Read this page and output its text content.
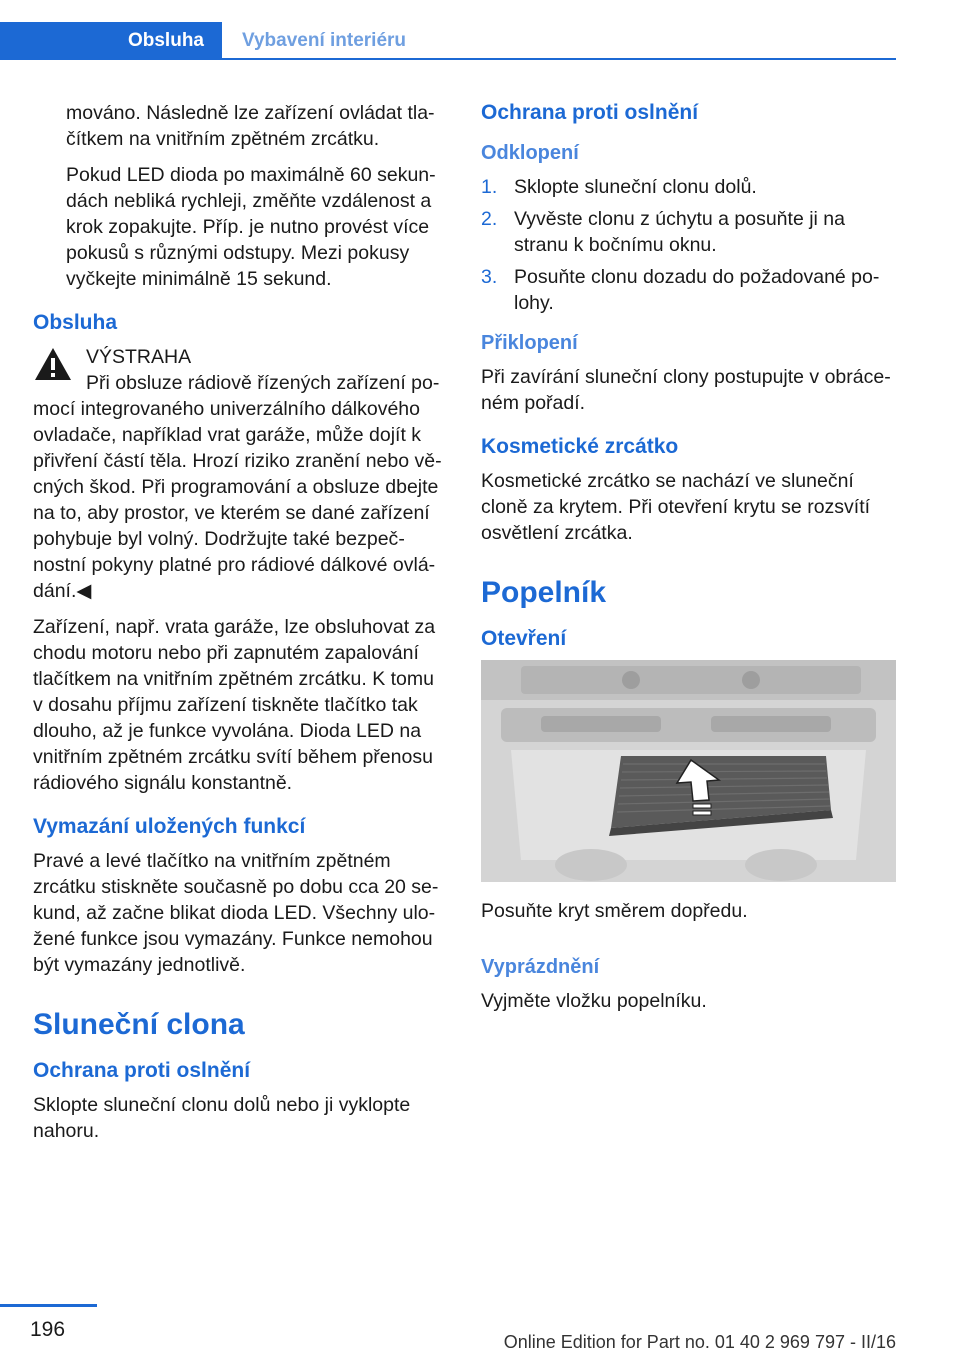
Obsluha	Vybavení interiéru

mováno. Následně lze zařízení ovládat tlačítkem na vnitřním zpětném zrcátku.

Pokud LED dioda po maximálně 60 sekundách nebliká rychleji, změňte vzdálenost a krok zopakujte. Příp. je nutno provést více pokusů s různými odstupy. Mezi pokusy vyčkejte minimálně 15 sekund.

Obsluha

VÝSTRAHA

Při obsluze rádiově řízených zařízení pomocí integrovaného univerzálního dálkového ovladače, například vrat garáže, může dojít k přivření částí těla. Hrozí riziko zranění nebo věcných škod. Při programování a obsluze dbejte na to, aby prostor, ve kterém se dané zařízení pohybuje byl volný. Dodržujte také bezpečnostní pokyny platné pro rádiové dálkové ovládání.◀

Zařízení, např. vrata garáže, lze obsluhovat za chodu motoru nebo při zapnutém zapalování tlačítkem na vnitřním zpětném zrcátku. K tomu v dosahu příjmu zařízení tiskněte tlačítko tak dlouho, až je funkce vyvolána. Dioda LED na vnitřním zpětném zrcátku svítí během přenosu rádiového signálu konstantně.

Vymazání uložených funkcí

Pravé a levé tlačítko na vnitřním zpětném zrcátku stiskněte současně po dobu cca 20 sekund, až začne blikat dioda LED. Všechny uložené funkce jsou vymazány. Funkce nemohou být vymazány jednotlivě.

Sluneční clona
Ochrana proti oslnění

Sklopte sluneční clonu dolů nebo ji vyklopte nahoru.

Ochrana proti oslnění
Odklopení
1. Sklopte sluneční clonu dolů.
2. Vyvěste clonu z úchytu a posuňte ji na stranu k bočnímu oknu.
3. Posuňte clonu dozadu do požadované polohy.
Přiklopení

Při zavírání sluneční clony postupujte v obráceném pořadí.

Kosmetické zrcátko

Kosmetické zrcátko se nachází ve sluneční cloně za krytem. Při otevření krytu se rozsvítí osvětlení zrcátka.

Popelník
Otevření

Posuňte kryt směrem dopředu.

Vyprázdnění

Vyjměte vložku popelníku.

196
Online Edition for Part no. 01 40 2 969 797 - II/16
